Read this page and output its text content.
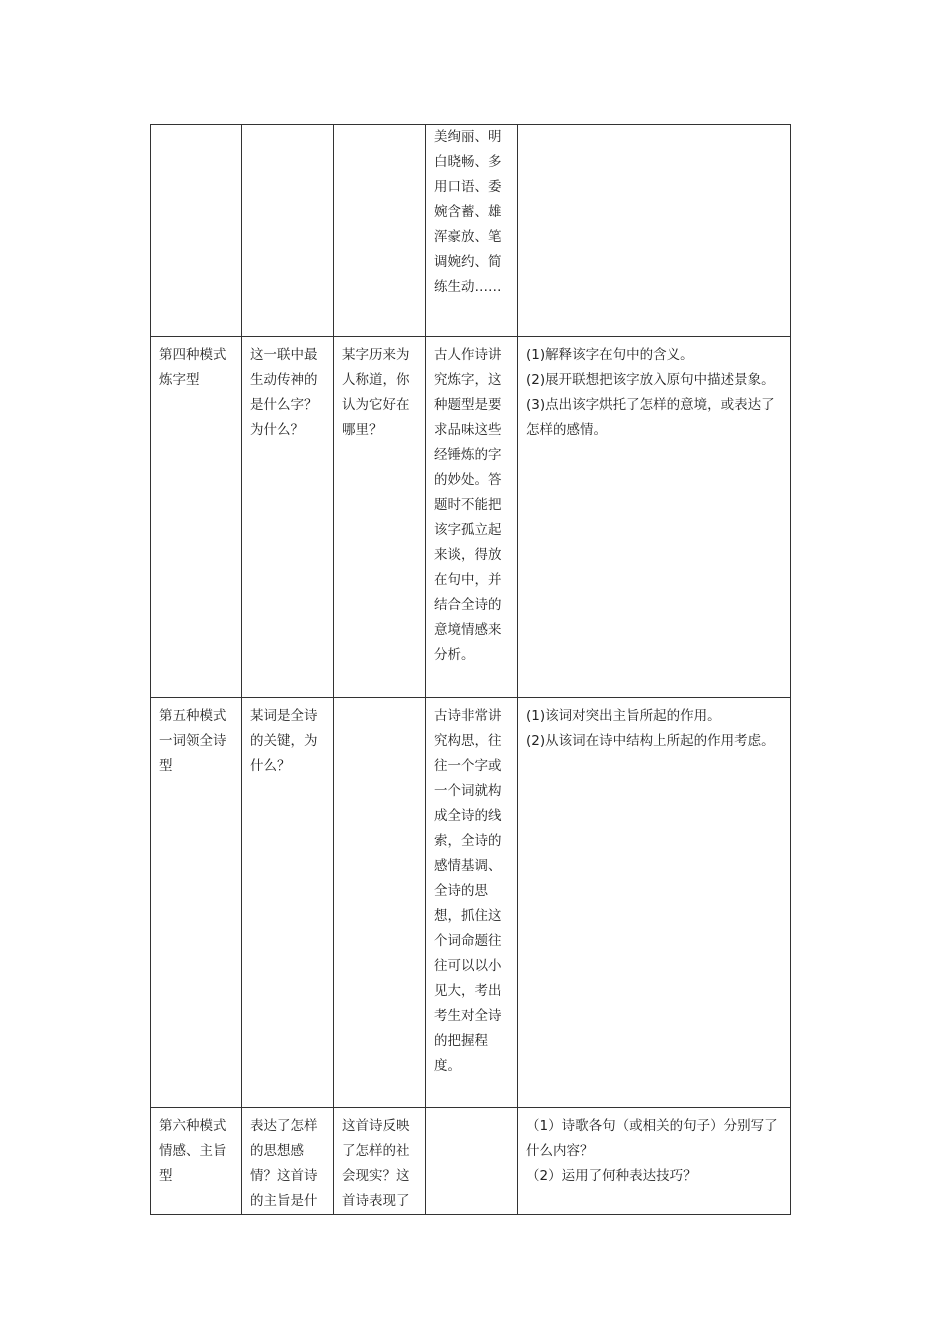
			美绚丽、明白晓畅、多用口语、委婉含蓄、雄浑豪放、笔调婉约、简练生动……	
第四种模式炼字型	这一联中最生动传神的是什么字？为什么？	某字历来为人称道，你认为它好在哪里？	古人作诗讲究炼字，这种题型是要求品味这些经锤炼的字的妙处。答题时不能把该字孤立起来谈，得放在句中，并结合全诗的意境情感来分析。	(1)解释该字在句中的含义。
(2)展开联想把该字放入原句中描述景象。
(3)点出该字烘托了怎样的意境，或表达了怎样的感情。

第五种模式一词领全诗型	某词是全诗的关键，为什么？		古诗非常讲究构思，往往一个字或一个词就构成全诗的线索，全诗的感情基调、全诗的思想，抓住这个词命题往往可以以小见大，考出考生对全诗的把握程度。	(1)该词对突出主旨所起的作用。
(2)从该词在诗中结构上所起的作用考虑。

第六种模式情感、主旨型	表达了怎样的思想感情？这首诗的主旨是什	这首诗反映了怎样的社会现实？这首诗表现了		（1）诗歌各句（或相关的句子）分别写了什么内容？
（2）运用了何种表达技巧？
